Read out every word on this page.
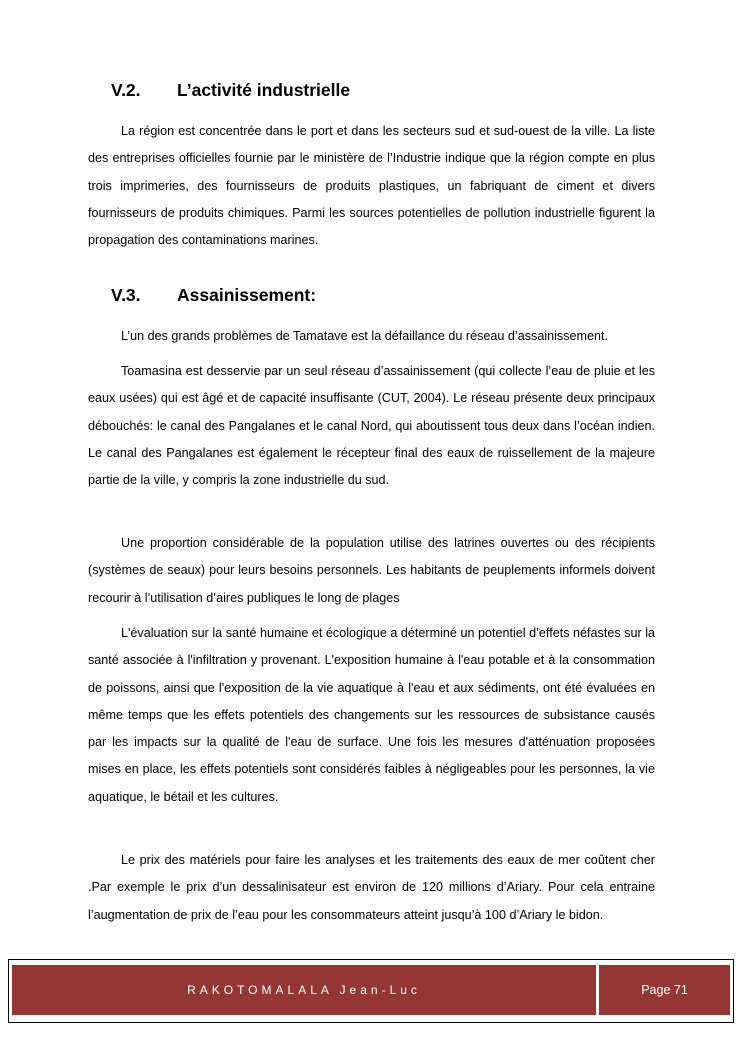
V.2. L’activité industrielle

La région est concentrée dans le port et dans les secteurs sud et sud-ouest de la ville. La liste des entreprises officielles fournie par le ministère de l’Industrie indique que la région compte en plus trois imprimeries, des fournisseurs de produits plastiques, un fabriquant de ciment et divers fournisseurs de produits chimiques. Parmi les sources potentielles de pollution industrielle figurent la propagation des contaminations marines.

V.3. Assainissement:

L’un des grands problèmes de Tamatave est la défaillance du réseau d’assainissement.

Toamasina est desservie par un seul réseau d’assainissement (qui collecte l’eau de pluie et les eaux usées) qui est âgé et de capacité insuffisante (CUT, 2004). Le réseau présente deux principaux débouchés: le canal des Pangalanes et le canal Nord, qui aboutissent tous deux dans l’océan indien. Le canal des Pangalanes est également le récepteur final des eaux de ruissellement de la majeure partie de la ville, y compris la zone industrielle du sud.

Une proportion considérable de la population utilise des latrines ouvertes ou des récipients (systèmes de seaux) pour leurs besoins personnels. Les habitants de peuplements informels doivent recourir à l’utilisation d’aires publiques le long de plages

L'évaluation sur la santé humaine et écologique a déterminé un potentiel d’effets néfastes sur la santé associée à l'infiltration y provenant. L'exposition humaine à l'eau potable et à la consommation de poissons, ainsi que l'exposition de la vie aquatique à l'eau et aux sédiments, ont été évaluées en même temps que les effets potentiels des changements sur les ressources de subsistance causés par les impacts sur la qualité de l'eau de surface. Une fois les mesures d'atténuation proposées mises en place, les effets potentiels sont considérés faibles à négligeables pour les personnes, la vie aquatique, le bétail et les cultures.

Le prix des matériels pour faire les analyses et les traitements des eaux de mer coûtent cher .Par exemple le prix d’un dessalinisateur est environ de 120 millions d’Ariary. Pour cela entraine l’augmentation de prix de l’eau pour les consommateurs atteint jusqu’à 100 d’Ariary le bidon.

RAKOTOMALALA Jean-Luc	Page 71
